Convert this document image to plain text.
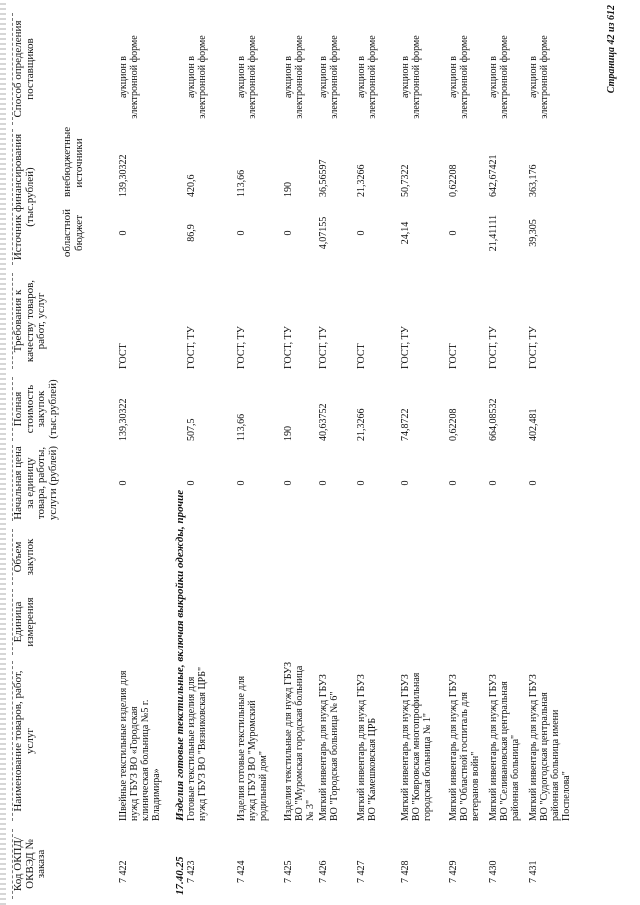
Код ОКПД/ ОКВЭД № заказа
Наименование товаров, работ, услуг
Единица измерения
Объем закупок
Начальная цена за единицу товара, работы, услуги (рублей)
Полная стоимость закупок (тыс.рублей)
Требования к качеству товаров, работ, услуг
Источник финансирования (тыс.рублей)
областной бюджет
внебюджетные источники
Способ определения поставщиков
17.40.25
Изделия готовые текстильные, включая выкройки одежды, прочие
7 422
Швейные текстильные изделия для нужд ГБУЗ ВО «Городская клиническая больница №5 г. Владимира»
0
139,30322
ГОСТ
0
139,30322
аукцион в электронной форме
7 423
Готовые текстильные изделия для нужд ГБУЗ ВО "Вязниковская ЦРБ"
0
507,5
ГОСТ, ТУ
86,9
420,6
аукцион в электронной форме
7 424
Изделия готовые текстильные для нужд ГБУЗ ВО "Муромский родильный дом"
0
113,66
ГОСТ, ТУ
0
113,66
аукцион в электронной форме
7 425
Изделия текстильные для нужд ГБУЗ ВО "Муромская городская больница № 3"
0
190
ГОСТ, ТУ
0
190
аукцион в электронной форме
7 426
Мягкий инвентарь для нужд ГБУЗ ВО "Городская больница № 6"
0
40,63752
ГОСТ, ТУ
4,07155
36,56597
аукцион в электронной форме
7 427
Мягкий инвентарь для нужд ГБУЗ ВО "Камешковская ЦРБ
0
21,3266
ГОСТ
0
21,3266
аукцион в электронной форме
7 428
Мягкий инвентарь для нужд ГБУЗ ВО "Ковровская многопрофильная городская больница № 1"
0
74,8722
ГОСТ, ТУ
24,14
50,7322
аукцион в электронной форме
7 429
Мягкий инвентарь для нужд ГБУЗ ВО "Областной госпиталь для ветеранов войн"
0
0,62208
ГОСТ
0
0,62208
аукцион в электронной форме
7 430
Мягкий инвентарь для нужд ГБУЗ ВО "Селивановская центральная районная больница"
0
664,08532
ГОСТ, ТУ
21,41111
642,67421
аукцион в электронной форме
7 431
Мягкий инвентарь для нужд ГБУЗ ВО "Судогодская центральная районная больница имени Поспелова"
0
402,481
ГОСТ, ТУ
39,305
363,176
аукцион в электронной форме	Страница 42 из 612
